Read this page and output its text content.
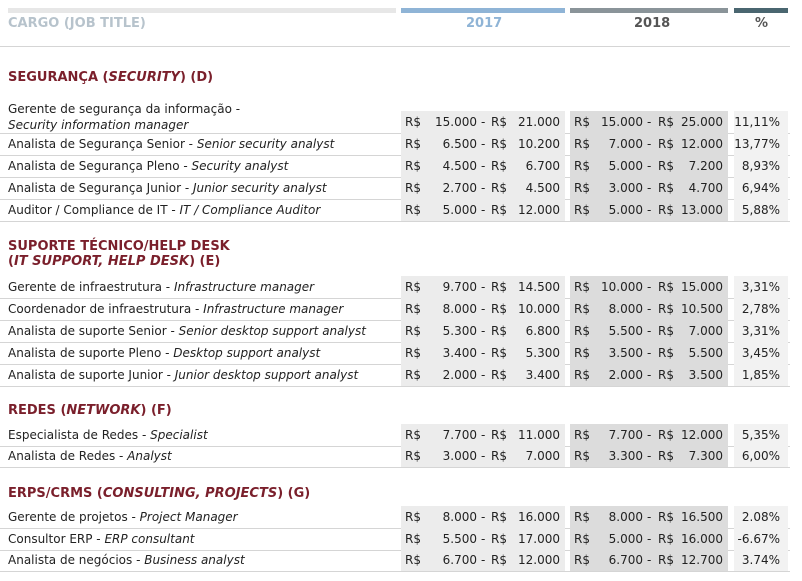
CARGO (JOB TITLE)	2017	2018	%
SEGURANÇA (SECURITY) (D)
Gerente de segurança da informação -
Security information manager	R$ 15.000 - R$ 21.000 R$ 15.000 - R$ 25.000 11,11%
Analista de Segurança Senior - Senior security analyst	R$ 6.500 - R$ 10.200 R$ 7.000 - R$ 12.000 13,77%
Analista de Segurança Pleno - Security analyst	R$ 4.500 - R$ 6.700 R$ 5.000 - R$ 7.200	8,93%
Analista de Segurança Junior - Junior security analyst	R$ 2.700 - R$ 4.500 R$ 3.000 - R$ 4.700	6,94%
Auditor / Compliance de IT - IT / Compliance Auditor	R$ 5.000 - R$ 12.000 R$ 5.000 - R$ 13.000	5,88%
SUPORTE TÉCNICO/HELP DESK
(IT SUPPORT, HELP DESK) (E)
Gerente de infraestrutura - Infrastructure manager	R$ 9.700 - R$ 14.500 R$ 10.000 - R$ 15.000	3,31%
Coordenador de infraestrutura - Infrastructure manager	R$ 8.000 - R$ 10.000 R$ 8.000 - R$ 10.500	2,78%
Analista de suporte Senior - Senior desktop support analyst	R$ 5.300 - R$ 6.800 R$ 5.500 - R$ 7.000	3,31%
Analista de suporte Pleno - Desktop support analyst	R$ 3.400 - R$ 5.300 R$ 3.500 - R$ 5.500	3,45%
Analista de suporte Junior - Junior desktop support analyst	R$ 2.000 - R$ 3.400 R$ 2.000 - R$ 3.500	1,85%
REDES (NETWORK) (F)
Especialista de Redes - Specialist	R$ 7.700 - R$ 11.000 R$ 7.700 - R$ 12.000	5,35%
Analista de Redes - Analyst	R$ 3.000 - R$ 7.000 R$ 3.300 - R$ 7.300	6,00%
ERPS/CRMS (CONSULTING, PROJECTS) (G)
Gerente de projetos - Project Manager	R$ 8.000 - R$ 16.000 R$ 8.000 - R$ 16.500	2.08%
Consultor ERP - ERP consultant	R$ 5.500 - R$ 17.000 R$ 5.000 - R$ 16.000 -6.67%
Analista de negócios - Business analyst	R$ 6.700 - R$ 12.000 R$ 6.700 - R$ 12.700	3.74%
